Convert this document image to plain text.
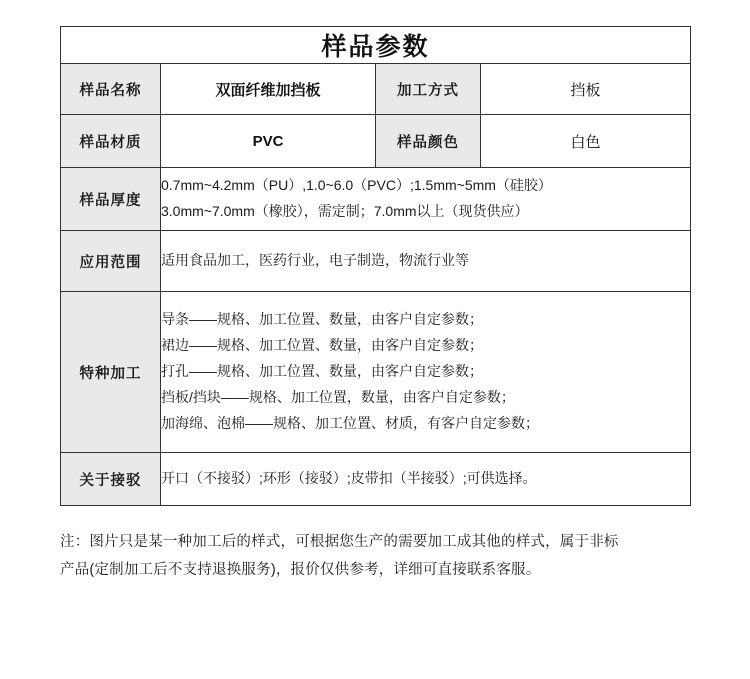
样品参数			
样品名称	双面纤维加挡板	加工方式	挡板
样品材质	PVC	样品颜色	白色
样品厚度	0.7mm~4.2mm（PU）,1.0~6.0（PVC）;1.5mm~5mm（硅胶）
3.0mm~7.0mm（橡胶），需定制；7.0mm以上（现货供应）		

应用范围	适用食品加工，医药行业，电子制造，物流行业等		
特种加工	导条——规格、加工位置、数量，由客户自定参数；
裙边——规格、加工位置、数量，由客户自定参数；
打孔——规格、加工位置、数量，由客户自定参数；
挡板/挡块——规格、加工位置，数量，由客户自定参数；
加海绵、泡棉——规格、加工位置、材质，有客户自定参数；		

关于接驳	开口（不接驳）;环形（接驳）;皮带扣（半接驳）;可供选择。		
注：图片只是某一种加工后的样式，可根据您生产的需要加工成其他的样式，属于非标
产品(定制加工后不支持退换服务)，报价仅供参考，详细可直接联系客服。
